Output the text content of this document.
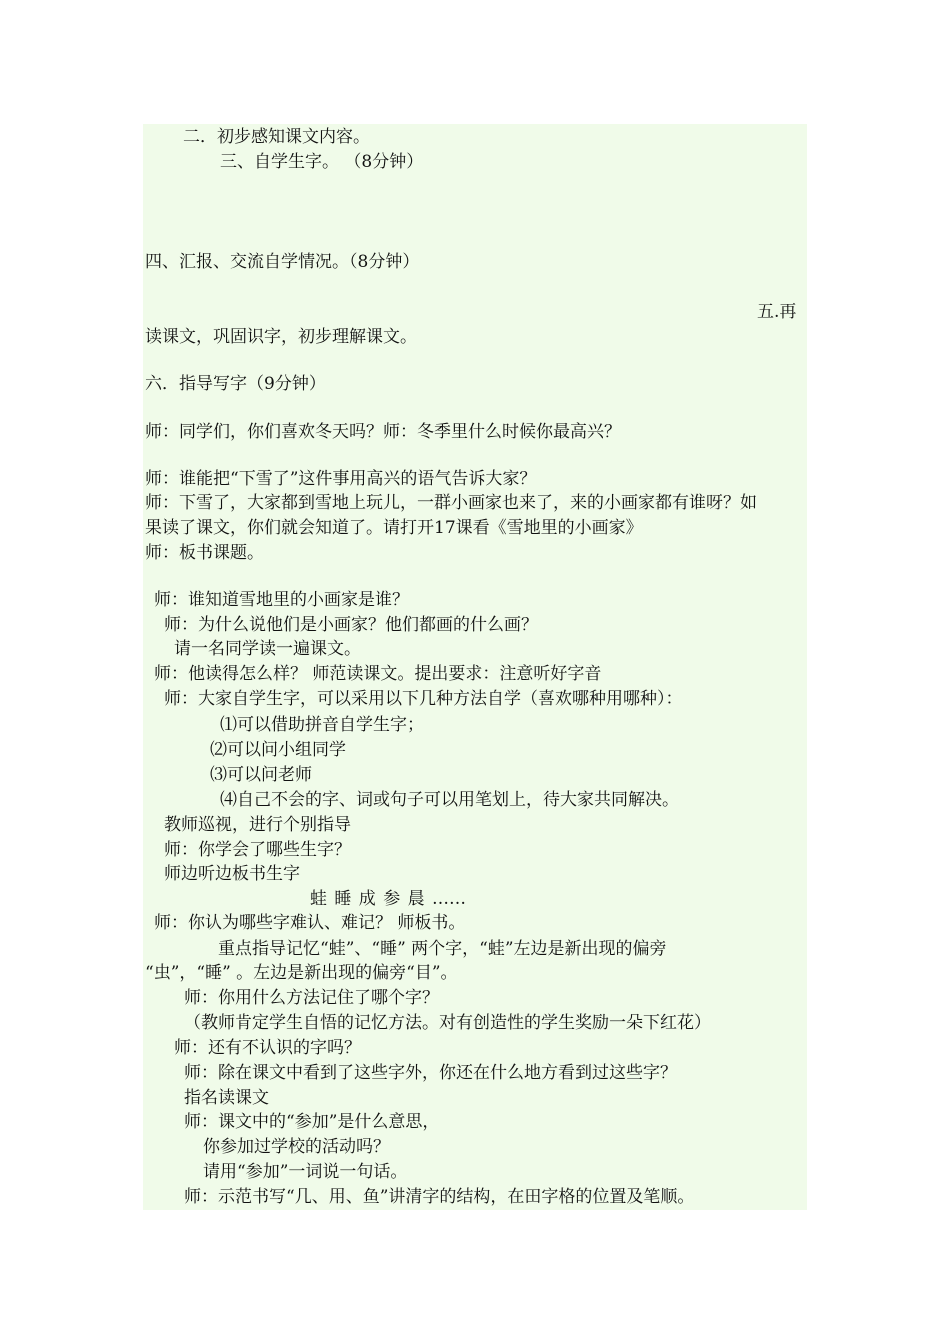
二．初步感知课文内容。
三、自学生字。 （8分钟）
四、汇报、交流自学情况。（8分钟）
五.再
读课文，巩固识字，初步理解课文。
六．指导写字（9分钟）
师：同学们，你们喜欢冬天吗？师：冬季里什么时候你最高兴？
师：谁能把“下雪了”这件事用高兴的语气告诉大家？
师：下雪了，大家都到雪地上玩儿，一群小画家也来了，来的小画家都有谁呀？如
果读了课文，你们就会知道了。请打开17课看《雪地里的小画家》
师：板书课题。
师：谁知道雪地里的小画家是谁？
师：为什么说他们是小画家？他们都画的什么画？
请一名同学读一遍课文。
师：他读得怎么样？ 师范读课文。提出要求：注意听好字音
师：大家自学生字，可以采用以下几种方法自学（喜欢哪种用哪种）：
⑴可以借助拼音自学生字；
⑵可以问小组同学
⑶可以问老师
⑷自己不会的字、词或句子可以用笔划上，待大家共同解决。
教师巡视，进行个别指导
师：你学会了哪些生字？
师边听边板书生字
蛙 睡 成 参 晨 ……
师：你认为哪些字难认、难记？ 师板书。
重点指导记忆“蛙”、“睡” 两个字，“蛙”左边是新出现的偏旁
“虫”，“睡” 。左边是新出现的偏旁“目”。
师：你用什么方法记住了哪个字？
（教师肯定学生自悟的记忆方法。对有创造性的学生奖励一朵下红花）
师：还有不认识的字吗？
师：除在课文中看到了这些字外，你还在什么地方看到过这些字？
指名读课文
师：课文中的“参加”是什么意思，
你参加过学校的活动吗？
请用“参加”一词说一句话。
师：示范书写“几、用、鱼”讲清字的结构，在田字格的位置及笔顺。
